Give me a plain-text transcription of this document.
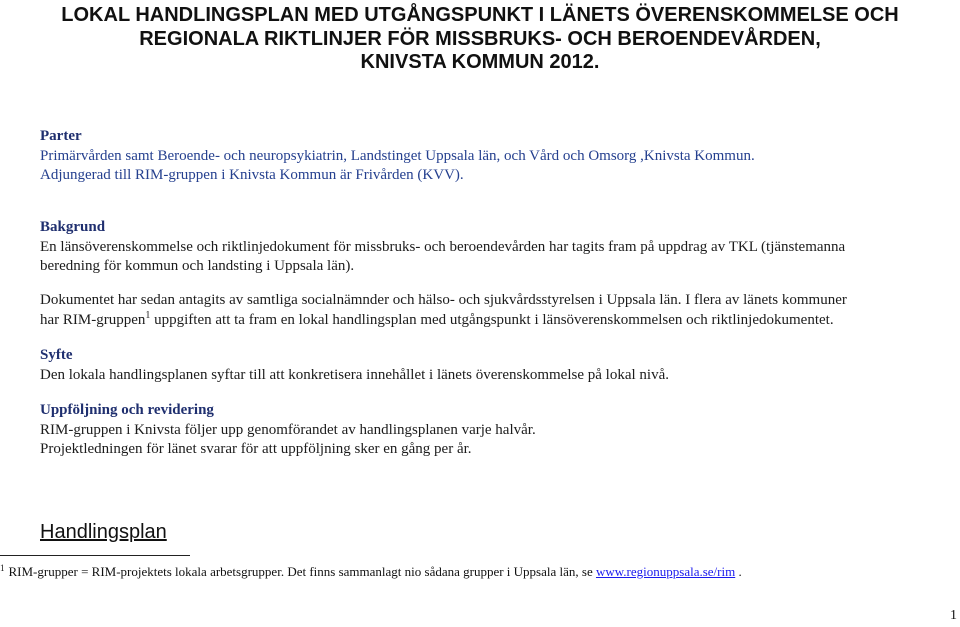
LOKAL HANDLINGSPLAN MED UTGÅNGSPUNKT I LÄNETS ÖVERENSKOMMELSE OCH
REGIONALA RIKTLINJER FÖR MISSBRUKS- OCH BEROENDEVÅRDEN,
KNIVSTA KOMMUN 2012.
Parter
Primärvården samt Beroende- och neuropsykiatrin, Landstinget Uppsala län, och Vård och Omsorg ,Knivsta Kommun.
Adjungerad till RIM-gruppen i Knivsta Kommun är Frivården (KVV).
Bakgrund
En länsöverenskommelse och riktlinjedokument för missbruks- och beroendevården har tagits fram på uppdrag av TKL (tjänstemanna
beredning för kommun och landsting i Uppsala län).
Dokumentet har sedan antagits av samtliga socialnämnder och hälso- och sjukvårdsstyrelsen i Uppsala län. I flera av länets kommuner
har RIM-gruppen$^1$ uppgiften att ta fram en lokal handlingsplan med utgångspunkt i länsöverenskommelsen och riktlinjedokumentet.
Syfte
Den lokala handlingsplanen syftar till att konkretisera innehållet i länets överenskommelse på lokal nivå.
Uppföljning och revidering
RIM-gruppen i Knivsta följer upp genomförandet av handlingsplanen varje halvår.
Projektledningen för länet svarar för att uppföljning sker en gång per år.
Handlingsplan
$^1$ RIM-grupper = RIM-projektets lokala arbetsgrupper. Det finns sammanlagt nio sådana grupper i Uppsala län, se www.regionuppsala.se/rim .
1
